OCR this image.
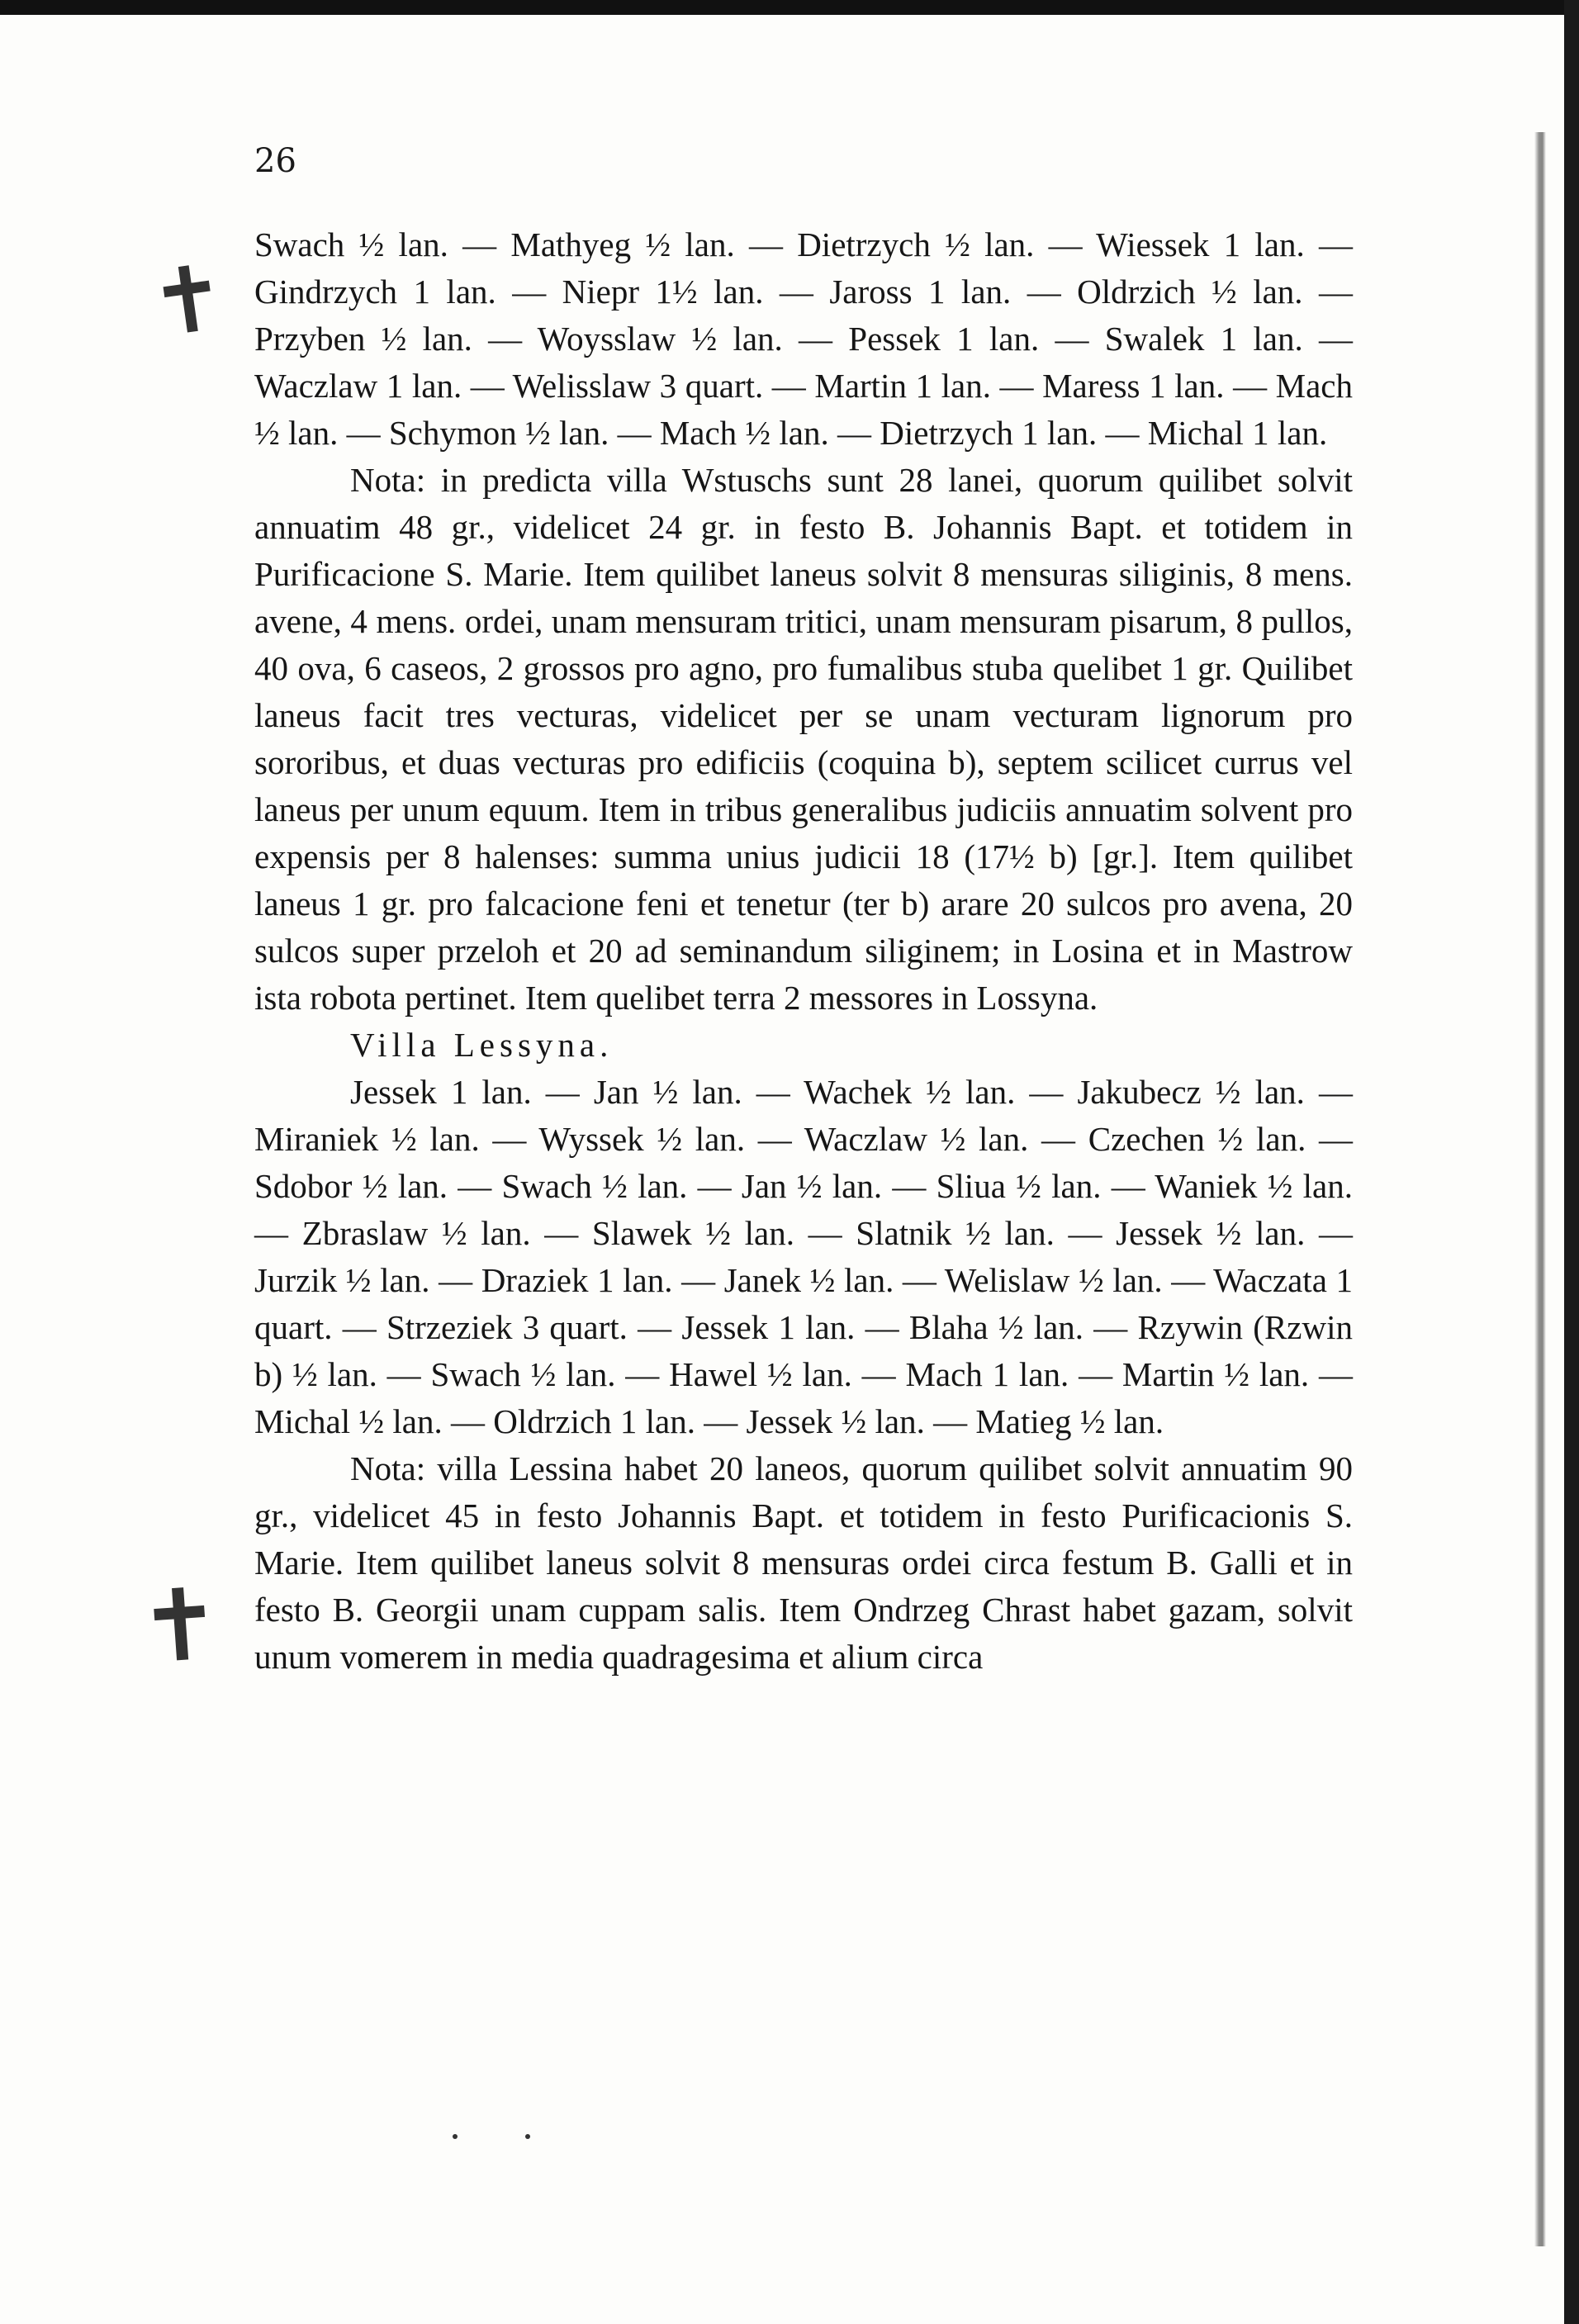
26
✝
✝

Swach ½ lan. — Mathyeg ½ lan. — Dietrzych ½ lan. — Wiessek 1 lan. — Gindrzych 1 lan. — Niepr 1½ lan. — Jaross 1 lan. — Oldrzich ½ lan. — Przyben ½ lan. — Woysslaw ½ lan. — Pessek 1 lan. — Swalek 1 lan. — Waczlaw 1 lan. — Welisslaw 3 quart. — Martin 1 lan. — Maress 1 lan. — Mach ½ lan. — Schymon ½ lan. — Mach ½ lan. — Dietrzych 1 lan. — Michal 1 lan.

Nota: in predicta villa Wstuschs sunt 28 lanei, quorum quilibet solvit annuatim 48 gr., videlicet 24 gr. in festo B. Johannis Bapt. et totidem in Purificacione S. Marie. Item quilibet laneus solvit 8 mensuras siliginis, 8 mens. avene, 4 mens. ordei, unam mensuram tritici, unam mensuram pisarum, 8 pullos, 40 ova, 6 caseos, 2 grossos pro agno, pro fumalibus stuba quelibet 1 gr. Quilibet laneus facit tres vecturas, videlicet per se unam vecturam lignorum pro sororibus, et duas vecturas pro edificiis (coquina b), septem scilicet currus vel laneus per unum equum. Item in tribus generalibus judiciis annuatim solvent pro expensis per 8 halenses: summa unius judicii 18 (17½ b) [gr.]. Item quilibet laneus 1 gr. pro falcacione feni et tenetur (ter b) arare 20 sulcos pro avena, 20 sulcos super przeloh et 20 ad seminandum siliginem; in Losina et in Mastrow ista robota pertinet. Item quelibet terra 2 messores in Lossyna.

Villa Lessyna.

Jessek 1 lan. — Jan ½ lan. — Wachek ½ lan. — Jakubecz ½ lan. — Miraniek ½ lan. — Wyssek ½ lan. — Waczlaw ½ lan. — Czechen ½ lan. — Sdobor ½ lan. — Swach ½ lan. — Jan ½ lan. — Sliua ½ lan. — Waniek ½ lan. — Zbraslaw ½ lan. — Slawek ½ lan. — Slatnik ½ lan. — Jessek ½ lan. — Jurzik ½ lan. — Draziek 1 lan. — Janek ½ lan. — Welislaw ½ lan. — Waczata 1 quart. — Strzeziek 3 quart. — Jessek 1 lan. — Blaha ½ lan. — Rzywin (Rzwin b) ½ lan. — Swach ½ lan. — Hawel ½ lan. — Mach 1 lan. — Martin ½ lan. — Michal ½ lan. — Oldrzich 1 lan. — Jessek ½ lan. — Matieg ½ lan.

Nota: villa Lessina habet 20 laneos, quorum quilibet solvit annuatim 90 gr., videlicet 45 in festo Johannis Bapt. et totidem in festo Purificacionis S. Marie. Item quilibet laneus solvit 8 mensuras ordei circa festum B. Galli et in festo B. Georgii unam cuppam salis. Item Ondrzeg Chrast habet gazam, solvit unum vomerem in media quadragesima et alium circa
